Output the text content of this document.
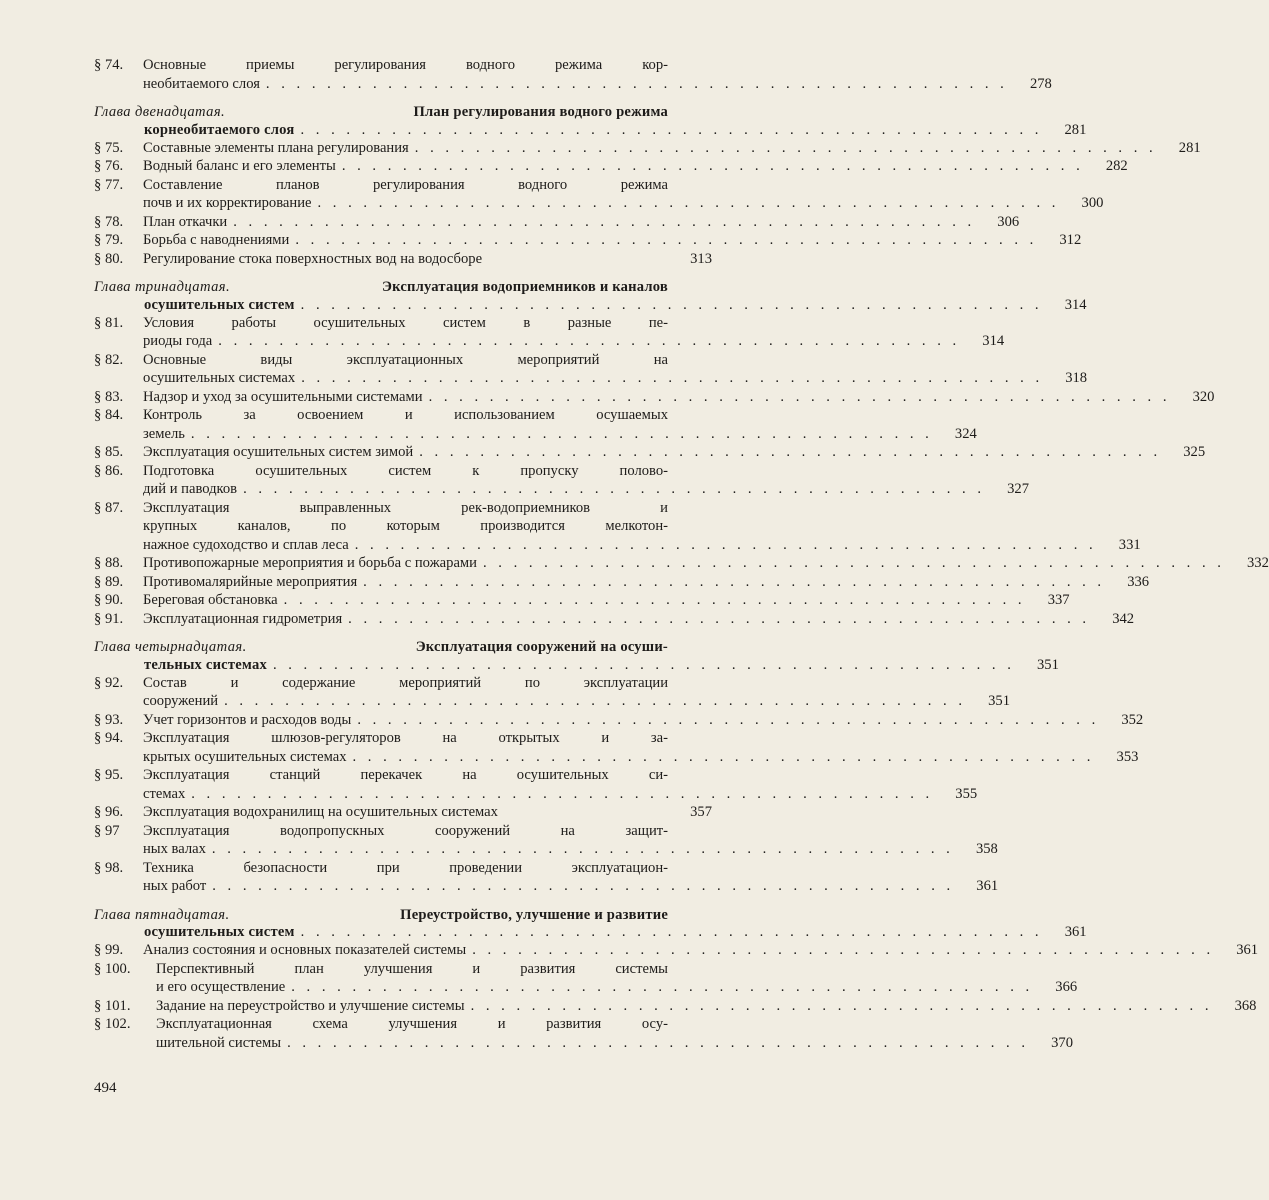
§ 74.	Основные приемы регулирования водного режима кор-
необитаемого слоя . . . . . . . . . . . . . . . . . . . . . . . . . . . . . . . . . . . . . . . . . . . . . . . . .	278
Глава двенадцатая.	План регулирования водного режима
корнеобитаемого слоя . . . . . . . . . . . . . . . . . . . . . . . . . . . . . . . . . . . . . . . . . . . . . . . . .	281
§ 75.	Составные элементы плана регулирования . . . . . . . . . . . . . . . . . . . . . . . . . . . . . . . . . . . . . . . . . . . . . . . . .	281
§ 76.	Водный баланс и его элементы . . . . . . . . . . . . . . . . . . . . . . . . . . . . . . . . . . . . . . . . . . . . . . . . .	282
§ 77.	Составление планов регулирования водного режима
почв и их корректирование . . . . . . . . . . . . . . . . . . . . . . . . . . . . . . . . . . . . . . . . . . . . . . . . .	300
§ 78.	План откачки . . . . . . . . . . . . . . . . . . . . . . . . . . . . . . . . . . . . . . . . . . . . . . . . .	306
§ 79.	Борьба с наводнениями . . . . . . . . . . . . . . . . . . . . . . . . . . . . . . . . . . . . . . . . . . . . . . . . .	312
§ 80.	Регулирование стока поверхностных вод на водосборе	313
Глава тринадцатая.	Эксплуатация водоприемников и каналов
осушительных систем . . . . . . . . . . . . . . . . . . . . . . . . . . . . . . . . . . . . . . . . . . . . . . . . .	314
§ 81.	Условия работы осушительных систем в разные пе-
риоды года . . . . . . . . . . . . . . . . . . . . . . . . . . . . . . . . . . . . . . . . . . . . . . . . .	314
§ 82.	Основные виды эксплуатационных мероприятий на
осушительных системах . . . . . . . . . . . . . . . . . . . . . . . . . . . . . . . . . . . . . . . . . . . . . . . . .	318
§ 83.	Надзор и уход за осушительными системами . . . . . . . . . . . . . . . . . . . . . . . . . . . . . . . . . . . . . . . . . . . . . . . . .	320
§ 84.	Контроль за освоением и использованием осушаемых
земель . . . . . . . . . . . . . . . . . . . . . . . . . . . . . . . . . . . . . . . . . . . . . . . . .	324
§ 85.	Эксплуатация осушительных систем зимой . . . . . . . . . . . . . . . . . . . . . . . . . . . . . . . . . . . . . . . . . . . . . . . . .	325
§ 86.	Подготовка осушительных систем к пропуску полово-
дий и паводков . . . . . . . . . . . . . . . . . . . . . . . . . . . . . . . . . . . . . . . . . . . . . . . . .	327
§ 87.	Эксплуатация выправленных рек-водоприемников и
крупных каналов, по которым производится мелкотон-
нажное судоходство и сплав леса . . . . . . . . . . . . . . . . . . . . . . . . . . . . . . . . . . . . . . . . . . . . . . . . .	331
§ 88.	Противопожарные мероприятия и борьба с пожарами . . . . . . . . . . . . . . . . . . . . . . . . . . . . . . . . . . . . . . . . . . . . . . . . .	332
§ 89.	Противомалярийные мероприятия . . . . . . . . . . . . . . . . . . . . . . . . . . . . . . . . . . . . . . . . . . . . . . . . .	336
§ 90.	Береговая обстановка . . . . . . . . . . . . . . . . . . . . . . . . . . . . . . . . . . . . . . . . . . . . . . . . .	337
§ 91.	Эксплуатационная гидрометрия . . . . . . . . . . . . . . . . . . . . . . . . . . . . . . . . . . . . . . . . . . . . . . . . .	342
Глава четырнадцатая.	Эксплуатация сооружений на осуши-
тельных системах . . . . . . . . . . . . . . . . . . . . . . . . . . . . . . . . . . . . . . . . . . . . . . . . .	351
§ 92.	Состав и содержание мероприятий по эксплуатации
сооружений . . . . . . . . . . . . . . . . . . . . . . . . . . . . . . . . . . . . . . . . . . . . . . . . .	351
§ 93.	Учет горизонтов и расходов воды . . . . . . . . . . . . . . . . . . . . . . . . . . . . . . . . . . . . . . . . . . . . . . . . .	352
§ 94.	Эксплуатация шлюзов-регуляторов на открытых и за-
крытых осушительных системах . . . . . . . . . . . . . . . . . . . . . . . . . . . . . . . . . . . . . . . . . . . . . . . . .	353
§ 95.	Эксплуатация станций перекачек на осушительных си-
стемах . . . . . . . . . . . . . . . . . . . . . . . . . . . . . . . . . . . . . . . . . . . . . . . . .	355
§ 96.	Эксплуатация водохранилищ на осушительных системах	357
§ 97	Эксплуатация водопропускных сооружений на защит-
ных валах . . . . . . . . . . . . . . . . . . . . . . . . . . . . . . . . . . . . . . . . . . . . . . . . .	358
§ 98.	Техника безопасности при проведении эксплуатацион-
ных работ . . . . . . . . . . . . . . . . . . . . . . . . . . . . . . . . . . . . . . . . . . . . . . . . .	361
Глава пятнадцатая.	Переустройство, улучшение и развитие
осушительных систем . . . . . . . . . . . . . . . . . . . . . . . . . . . . . . . . . . . . . . . . . . . . . . . . .	361
§ 99.	Анализ состояния и основных показателей системы . . . . . . . . . . . . . . . . . . . . . . . . . . . . . . . . . . . . . . . . . . . . . . . . .	361
§ 100.	Перспективный план улучшения и развития системы
и его осуществление . . . . . . . . . . . . . . . . . . . . . . . . . . . . . . . . . . . . . . . . . . . . . . . . .	366
§ 101.	Задание на переустройство и улучшение системы . . . . . . . . . . . . . . . . . . . . . . . . . . . . . . . . . . . . . . . . . . . . . . . . .	368
§ 102.	Эксплуатационная схема улучшения и развития осу-
шительной системы . . . . . . . . . . . . . . . . . . . . . . . . . . . . . . . . . . . . . . . . . . . . . . . . .	370
494
